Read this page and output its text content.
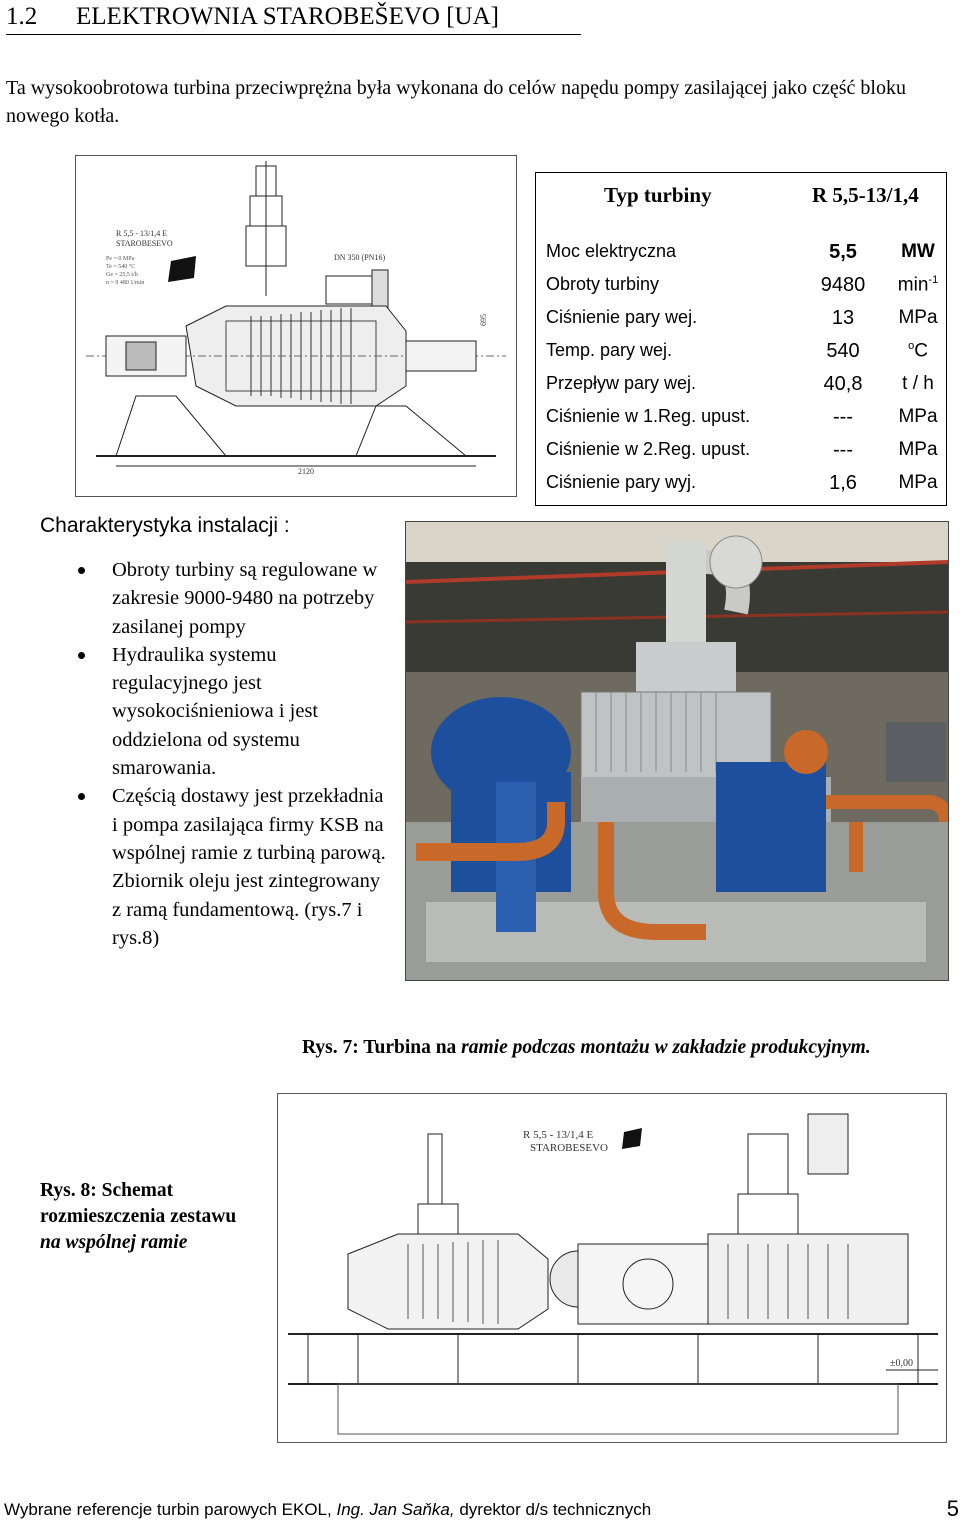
1.2 ELEKTROWNIA STAROBEŠEVO [UA]
Ta wysokoobrotowa turbina przeciwprężna była wykonana do celów napędu pompy zasilającej jako część bloku nowego kotła.
R 5,5 - 13/1,4 E
STAROBESEVO
Pe = 0 MPa
Te = 540 °C
Ge = 25,5 t/h
n = 9 480 1/min
DN 350 (PN16)
695
2120
Typ turbiny	R 5,5-13/1,4
Moc elektryczna	5,5	MW
Obroty turbiny	9480	$\min^{-1}$
Ciśnienie pary wej.	13	MPa
Temp. pary wej.	540	$^o$C
Przepływ pary wej.	40,8	t / h
Ciśnienie w 1.Reg. upust.	---	MPa
Ciśnienie w 2.Reg. upust.	---	MPa
Ciśnienie pary wyj.	1,6	MPa
Charakterystyka instalacji :
Obroty turbiny są regulowane w zakresie 9000-9480 na potrzeby zasilanej pompy
Hydraulika systemu regulacyjnego jest wysokociśnieniowa i jest oddzielona od systemu smarowania.
Częścią dostawy jest przekładnia i pompa zasilająca firmy KSB na wspólnej ramie z turbiną parową. Zbiornik oleju jest zintegrowany z ramą fundamentową. (rys.7 i rys.8)
Rys. 7: Turbina na ramie podczas montażu w zakładzie produkcyjnym.
Rys. 8: Schemat rozmieszczenia zestawu
na wspólnej ramie
R 5,5 - 13/1,4 E
STAROBESEVO
±0,00
Wybrane referencje turbin parowych EKOL, Ing. Jan Saňka, dyrektor d/s technicznych	5
